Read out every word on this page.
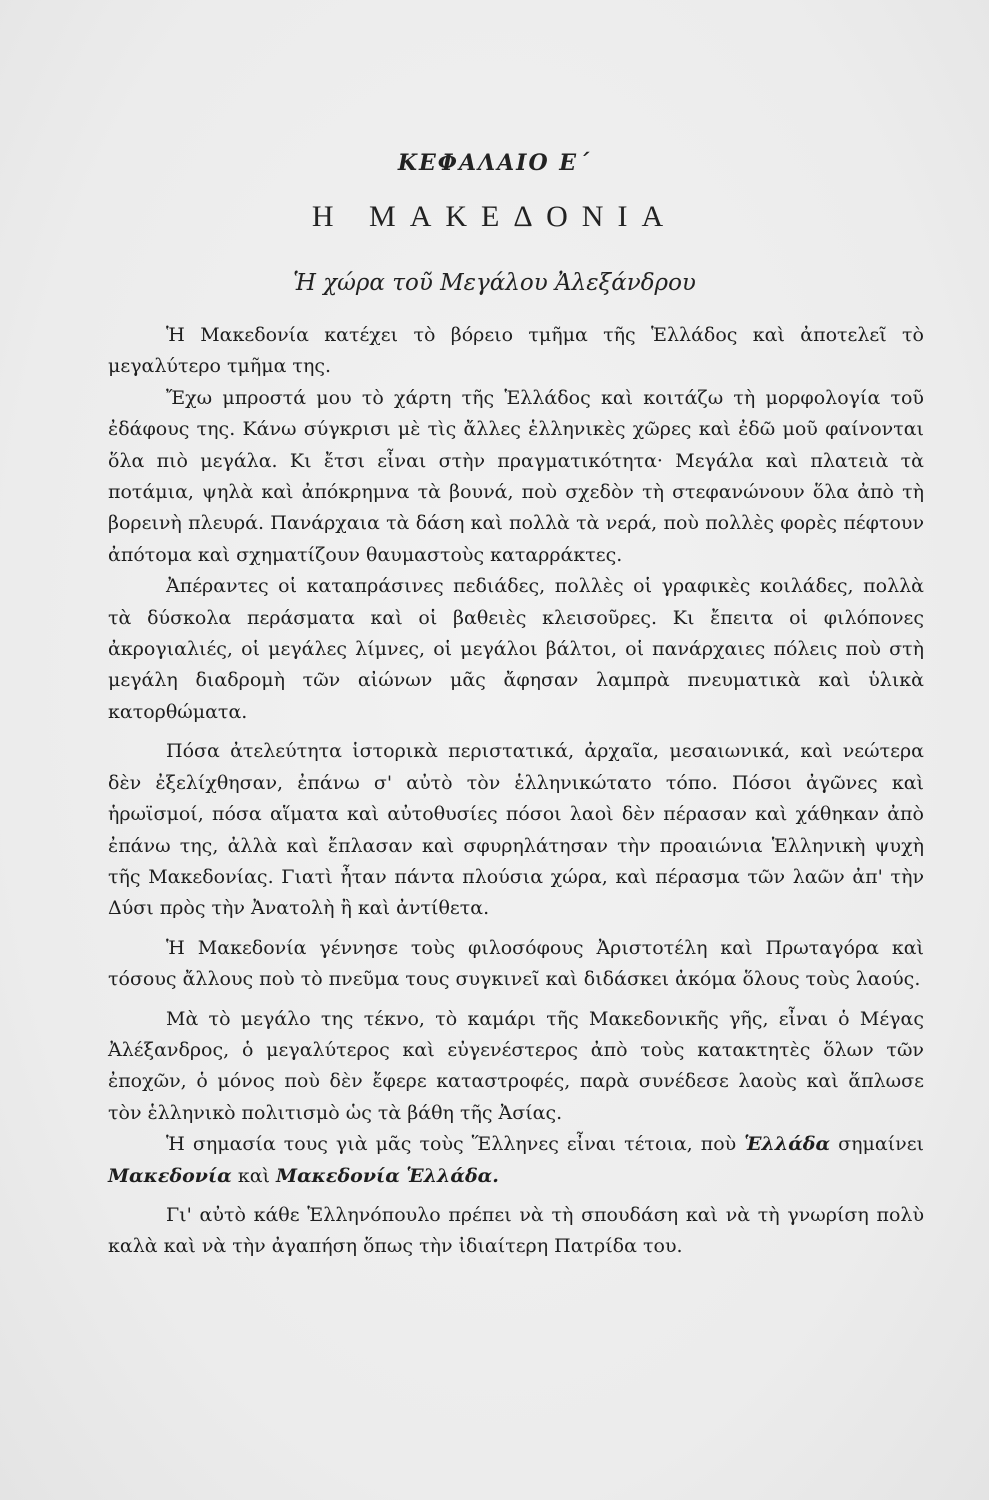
ΚΕΦΑΛΑΙΟ Ε΄
Η ΜΑΚΕΔΟΝΙΑ
Ἡ χώρα τοῦ Μεγάλου Ἀλεξάνδρου

Ἡ Μακεδονία κατέχει τὸ βόρειο τμῆμα τῆς Ἑλλάδος καὶ ἀποτελεῖ τὸ μεγαλύτερο τμῆμα της.

Ἔχω μπροστά μου τὸ χάρτη τῆς Ἑλλάδος καὶ κοιτάζω τὴ μορφολογία τοῦ ἐδάφους της. Κάνω σύγκρισι μὲ τὶς ἄλλες ἑλληνικὲς χῶρες καὶ ἐδῶ μοῦ φαίνονται ὅλα πιὸ μεγάλα. Κι ἔτσι εἶναι στὴν πραγματικότητα· Μεγάλα καὶ πλατειὰ τὰ ποτάμια, ψηλὰ καὶ ἀπόκρημνα τὰ βουνά, ποὺ σχεδὸν τὴ στεφανώνουν ὅλα ἀπὸ τὴ βορεινὴ πλευρά. Πανάρχαια τὰ δάση καὶ πολλὰ τὰ νερά, ποὺ πολλὲς φορὲς πέφτουν ἀπότομα καὶ σχηματίζουν θαυμαστοὺς καταρράκτες.

Ἀπέραντες οἱ καταπράσινες πεδιάδες, πολλὲς οἱ γραφικὲς κοιλάδες, πολλὰ τὰ δύσκολα περάσματα καὶ οἱ βαθειὲς κλεισοῦρες. Κι ἔπειτα οἱ φιλόπονες ἀκρογιαλιές, οἱ μεγάλες λίμνες, οἱ μεγάλοι βάλτοι, οἱ πανάρχαιες πόλεις ποὺ στὴ μεγάλη διαδρομὴ τῶν αἰώνων μᾶς ἄφησαν λαμπρὰ πνευματικὰ καὶ ὑλικὰ κατορθώματα.

Πόσα ἀτελεύτητα ἱστορικὰ περιστατικά, ἀρχαῖα, μεσαιωνικά, καὶ νεώτερα δὲν ἐξελίχθησαν, ἐπάνω σ' αὐτὸ τὸν ἑλληνικώτατο τόπο. Πόσοι ἀγῶνες καὶ ἡρωϊσμοί, πόσα αἵματα καὶ αὐτοθυσίες πόσοι λαοὶ δὲν πέρασαν καὶ χάθηκαν ἀπὸ ἐπάνω της, ἀλλὰ καὶ ἔπλασαν καὶ σφυρηλάτησαν τὴν προαιώνια Ἑλληνικὴ ψυχὴ τῆς Μακεδονίας. Γιατὶ ἦταν πάντα πλούσια χώρα, καὶ πέρασμα τῶν λαῶν ἀπ' τὴν Δύσι πρὸς τὴν Ἀνατολὴ ἢ καὶ ἀντίθετα.

Ἡ Μακεδονία γέννησε τοὺς φιλοσόφους Ἀριστοτέλη καὶ Πρωταγόρα καὶ τόσους ἄλλους ποὺ τὸ πνεῦμα τους συγκινεῖ καὶ διδάσκει ἀκόμα ὅλους τοὺς λαούς.

Μὰ τὸ μεγάλο της τέκνο, τὸ καμάρι τῆς Μακεδονικῆς γῆς, εἶναι ὁ Μέγας Ἀλέξανδρος, ὁ μεγαλύτερος καὶ εὐγενέστερος ἀπὸ τοὺς κατακτητὲς ὅλων τῶν ἐποχῶν, ὁ μόνος ποὺ δὲν ἔφερε καταστροφές, παρὰ συνέδεσε λαοὺς καὶ ἅπλωσε τὸν ἑλληνικὸ πολιτισμὸ ὡς τὰ βάθη τῆς Ἀσίας.

Ἡ σημασία τους γιὰ μᾶς τοὺς Ἕλληνες εἶναι τέτοια, ποὺ Ἑλλάδα σημαίνει Μακεδονία καὶ Μακεδονία Ἑλλάδα.

Γι' αὐτὸ κάθε Ἑλληνόπουλο πρέπει νὰ τὴ σπουδάση καὶ νὰ τὴ γνωρίση πολὺ καλὰ καὶ νὰ τὴν ἀγαπήση ὅπως τὴν ἰδιαίτερη Πατρίδα του.
